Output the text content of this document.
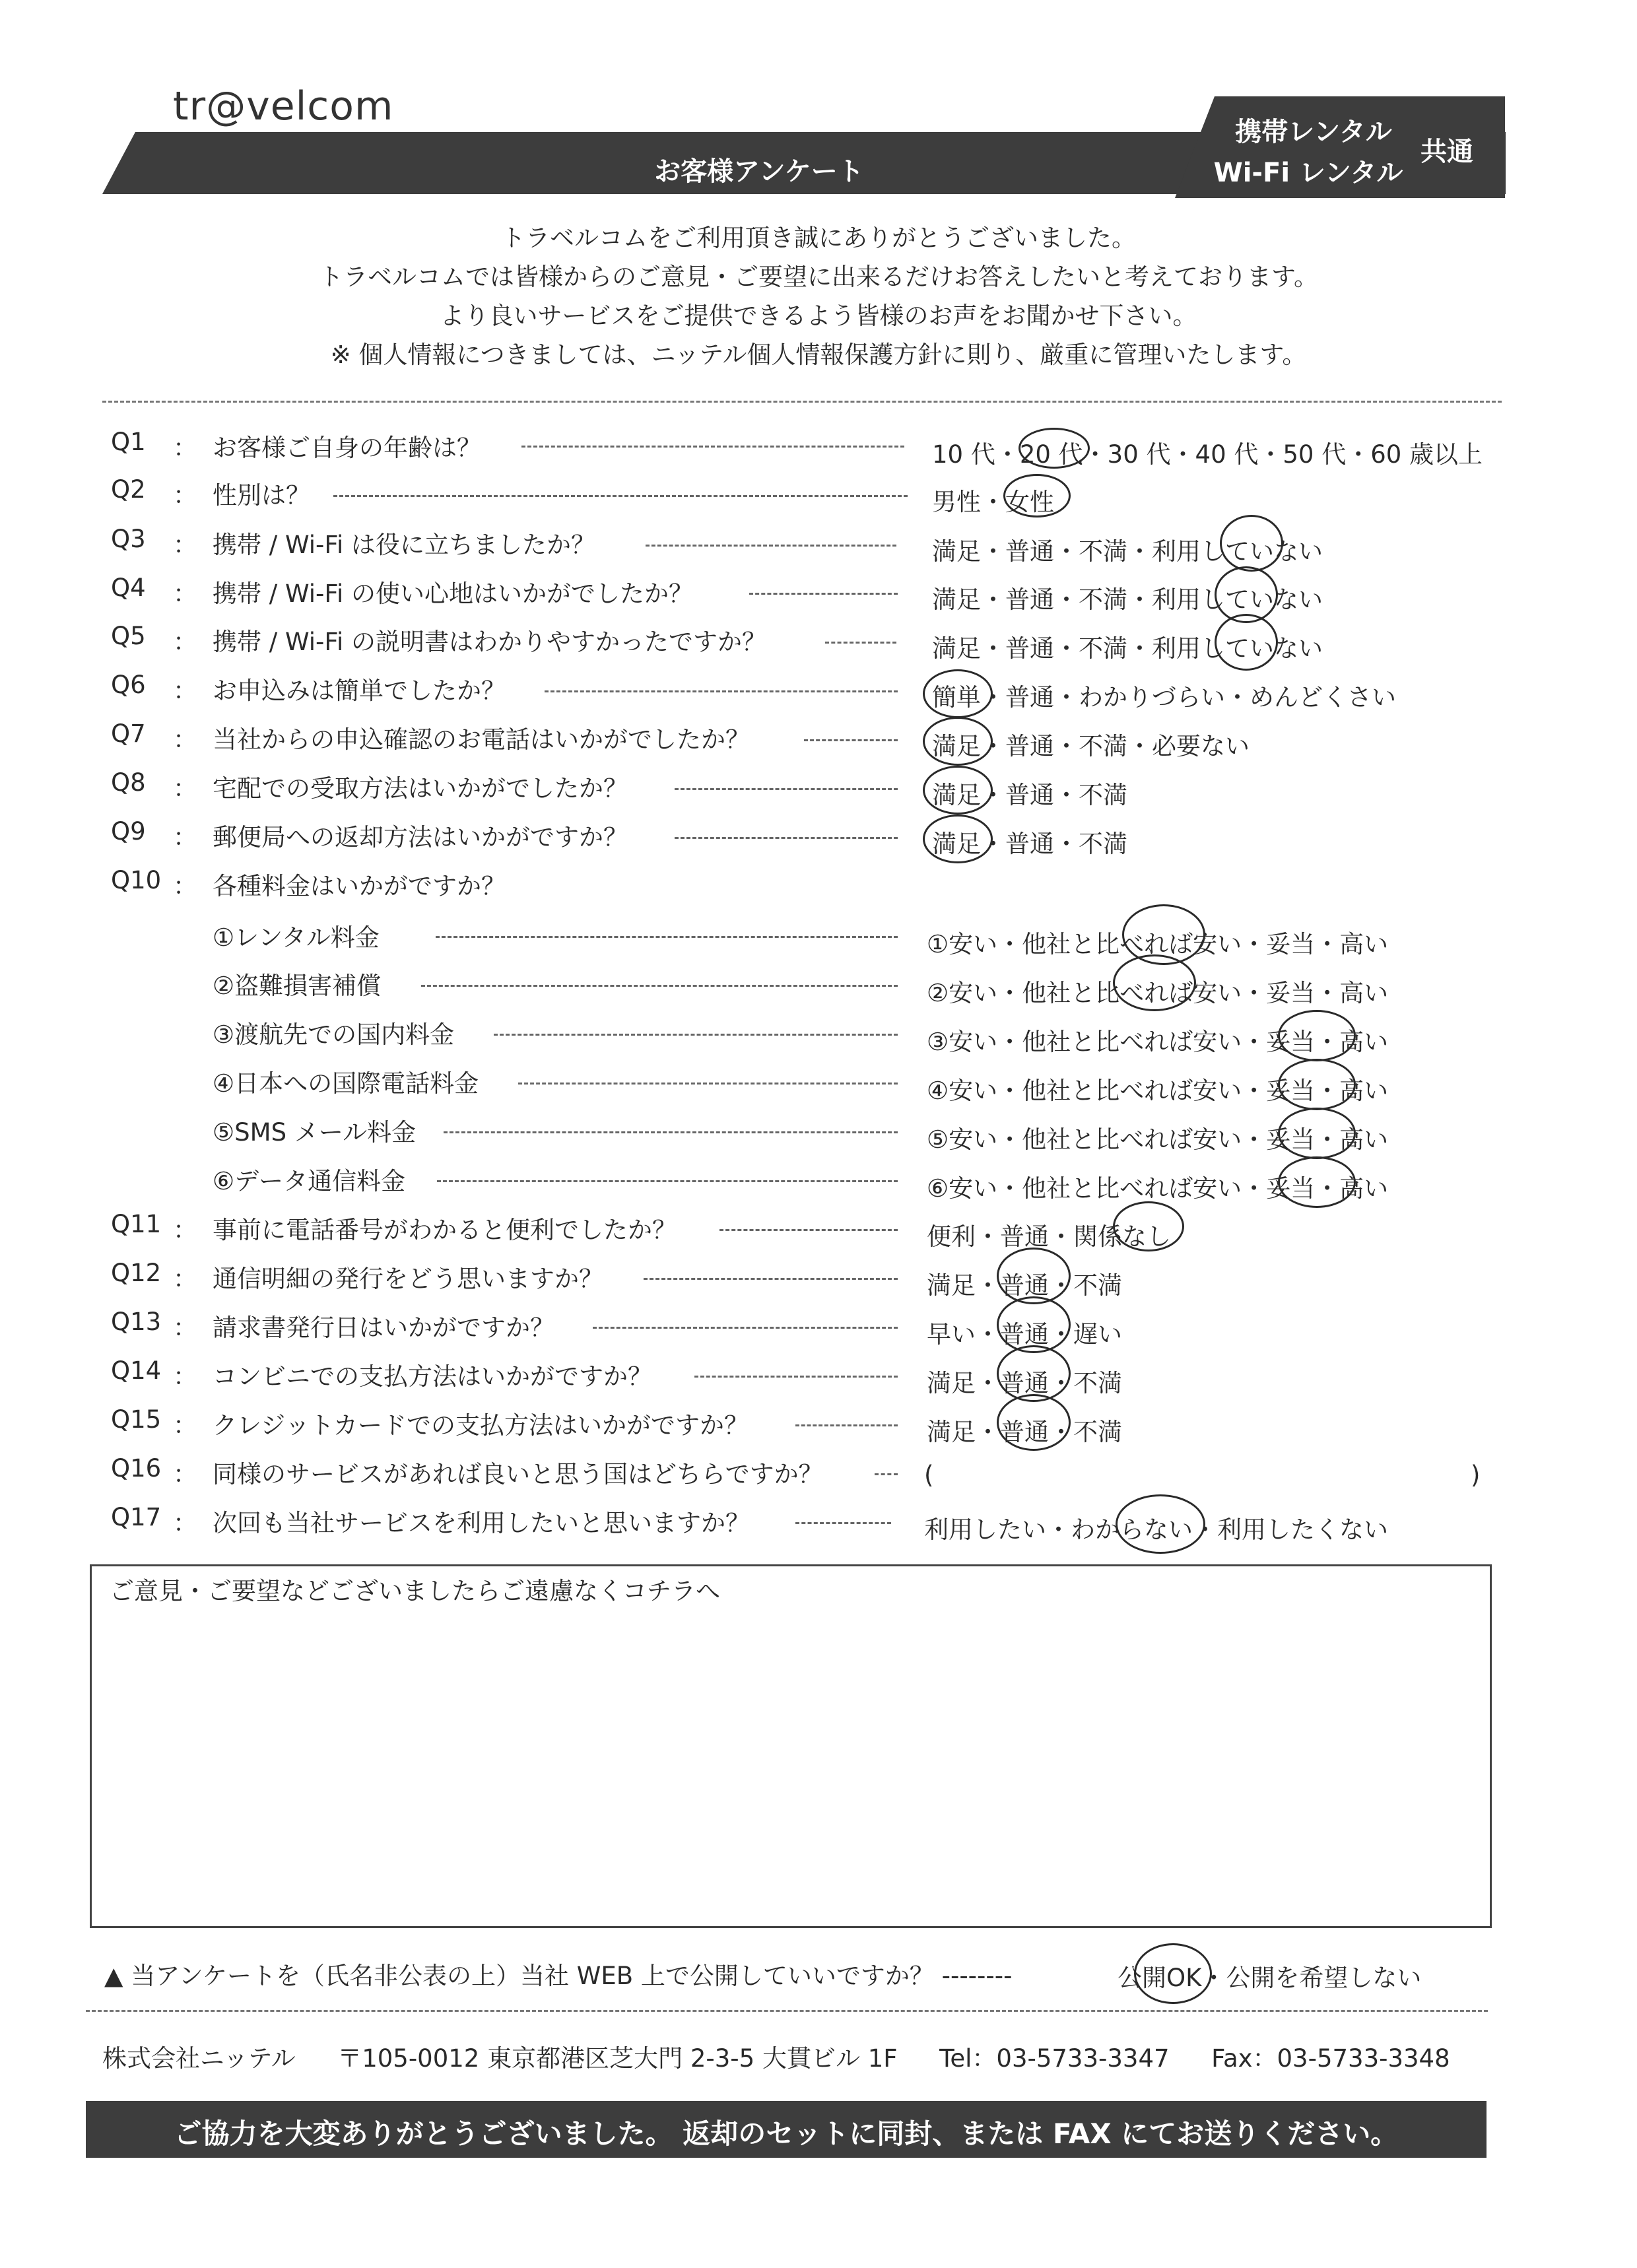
tr@velcom
お客様アンケート
携帯レンタル
Wi-Fi レンタル
共通
トラベルコムをご利用頂き誠にありがとうございました。
トラベルコムでは皆様からのご意見・ご要望に出来るだけお答えしたいと考えております。
より良いサービスをご提供できるよう皆様のお声をお聞かせ下さい。
※ 個人情報につきましては、ニッテル個人情報保護方針に則り、厳重に管理いたします。
Q1	： お客様ご自身の年齢は？	10 代・20 代・30 代・40 代・50 代・60 歳以上
Q2	： 性別は？	男性・女性
Q3	： 携帯 / Wi-Fi は役に立ちましたか？	満足・普通・不満・利用していない
Q4	： 携帯 / Wi-Fi の使い心地はいかがでしたか？	満足・普通・不満・利用していない
Q5	： 携帯 / Wi-Fi の説明書はわかりやすかったですか？	満足・普通・不満・利用していない
Q6	： お申込みは簡単でしたか？	簡単・普通・わかりづらい・めんどくさい
Q7	： 当社からの申込確認のお電話はいかがでしたか？	満足・普通・不満・必要ない
Q8	： 宅配での受取方法はいかがでしたか？	満足・普通・不満
Q9	： 郵便局への返却方法はいかがですか？	満足・普通・不満
Q10 ： 各種料金はいかがですか？
①レンタル料金	①安い・他社と比べれば安い・妥当・高い
②盗難損害補償	②安い・他社と比べれば安い・妥当・高い
③渡航先での国内料金	③安い・他社と比べれば安い・妥当・高い
④日本への国際電話料金	④安い・他社と比べれば安い・妥当・高い
⑤SMS メール料金	⑤安い・他社と比べれば安い・妥当・高い
⑥データ通信料金	⑥安い・他社と比べれば安い・妥当・高い
Q11 ： 事前に電話番号がわかると便利でしたか？	便利・普通・関係なし
Q12 ： 通信明細の発行をどう思いますか？	満足・普通・不満
Q13 ： 請求書発行日はいかがですか？	早い・普通・遅い
Q14 ： コンビニでの支払方法はいかがですか？	満足・普通・不満
Q15 ： クレジットカードでの支払方法はいかがですか？	満足・普通・不満
Q16 ： 同様のサービスがあれば良いと思う国はどちらですか？	(	)
Q17 ： 次回も当社サービスを利用したいと思いますか？	利用したい・わからない・利用したくない
ご意見・ご要望などございましたらご遠慮なくコチラへ
▲ 当アンケートを（氏名非公表の上）当社 WEB 上で公開していいですか？ --------	公開OK・公開を希望しない
株式会社ニッテル 〒105-0012 東京都港区芝大門 2-3-5 大貫ビル 1F Tel：03-5733-3347 Fax：03-5733-3348
ご協力を大変ありがとうございました。 返却のセットに同封、または FAX にてお送りください。
